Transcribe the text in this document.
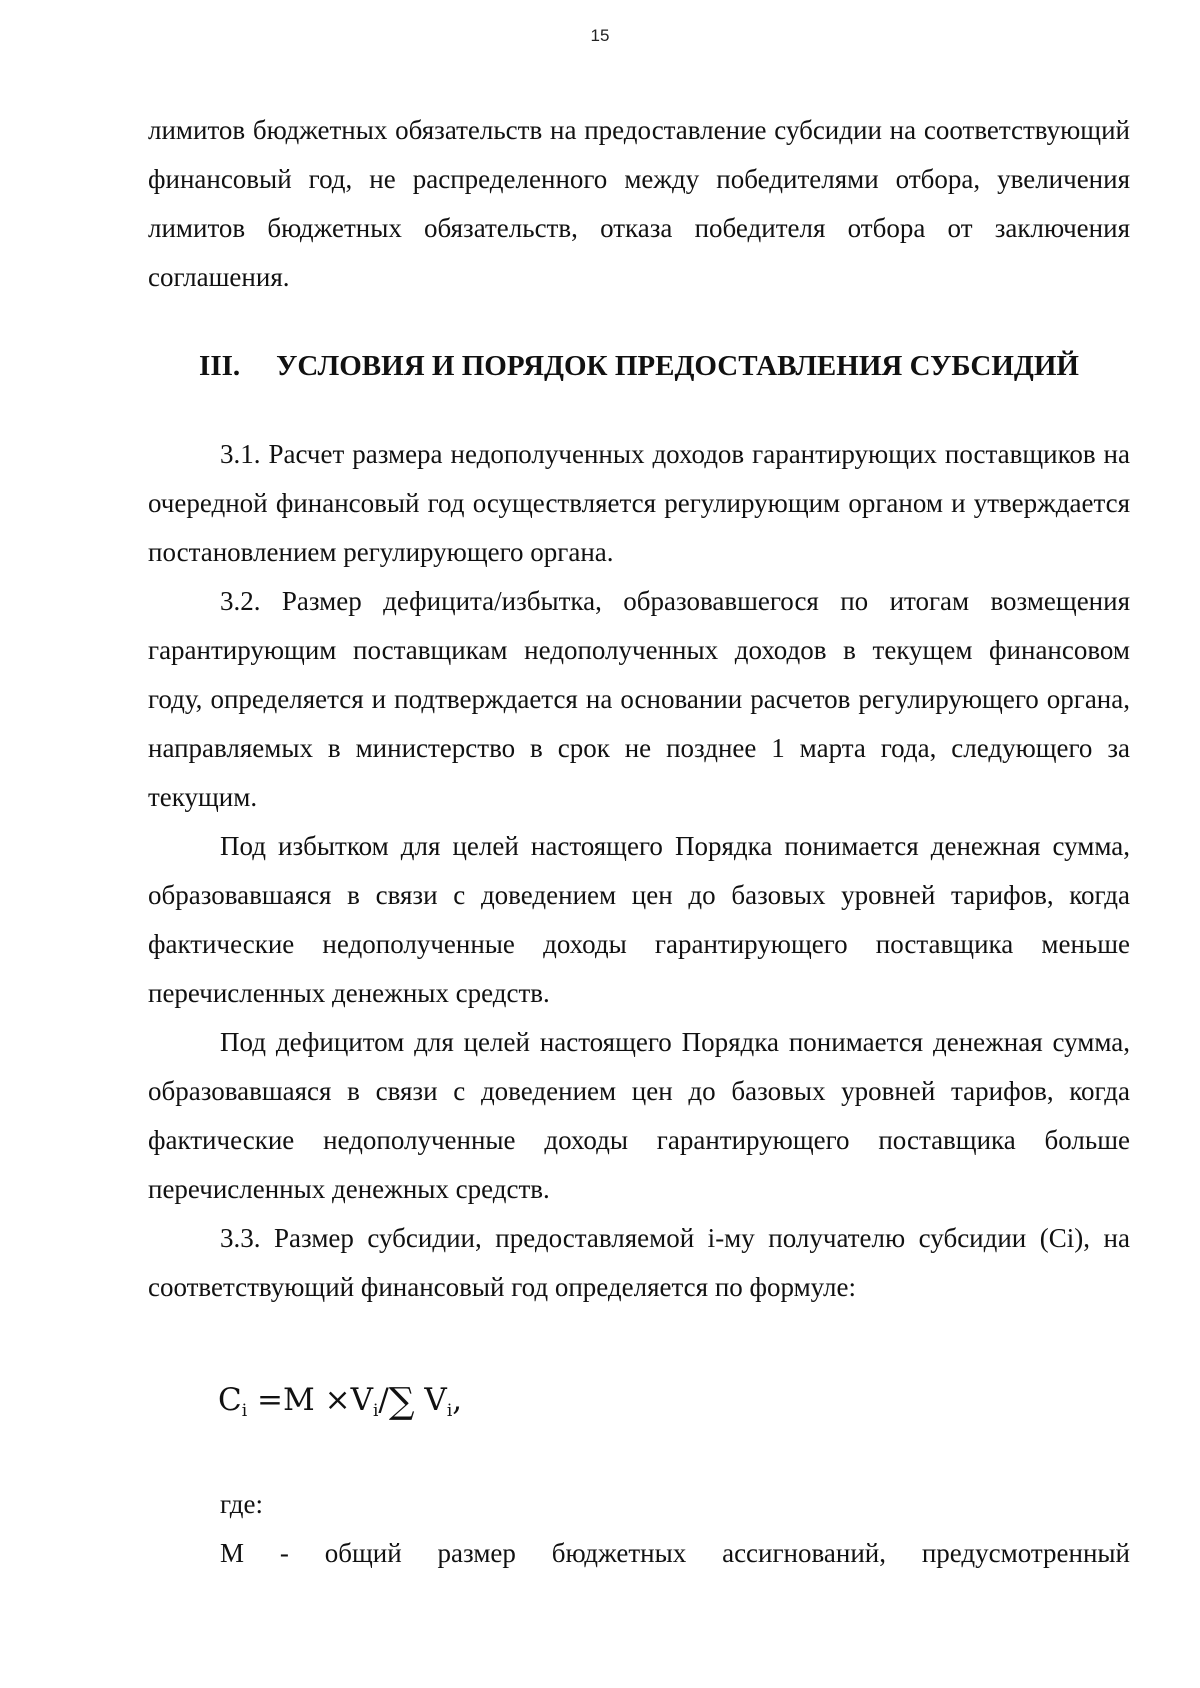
15

лимитов бюджетных обязательств на предоставление субсидии на соответствующий финансовый год, не распределенного между победителями отбора, увеличения лимитов бюджетных обязательств, отказа победителя отбора от заключения соглашения.

III. УСЛОВИЯ И ПОРЯДОК ПРЕДОСТАВЛЕНИЯ СУБСИДИЙ

3.1. Расчет размера недополученных доходов гарантирующих поставщиков на очередной финансовый год осуществляется регулирующим органом и утверждается постановлением регулирующего органа.

3.2. Размер дефицита/избытка, образовавшегося по итогам возмещения гарантирующим поставщикам недополученных доходов в текущем финансовом году, определяется и подтверждается на основании расчетов регулирующего органа, направляемых в министерство в срок не позднее 1 марта года, следующего за текущим.

Под избытком для целей настоящего Порядка понимается денежная сумма, образовавшаяся в связи с доведением цен до базовых уровней тарифов, когда фактические недополученные доходы гарантирующего поставщика меньше перечисленных денежных средств.

Под дефицитом для целей настоящего Порядка понимается денежная сумма, образовавшаяся в связи с доведением цен до базовых уровней тарифов, когда фактические недополученные доходы гарантирующего поставщика больше перечисленных денежных средств.

3.3. Размер субсидии, предоставляемой i-му получателю субсидии (Ci), на соответствующий финансовый год определяется по формуле:

$C_i =M \times V_i/\sum$ $V_i$,
где:
М - общий размер бюджетных ассигнований, предусмотренный
